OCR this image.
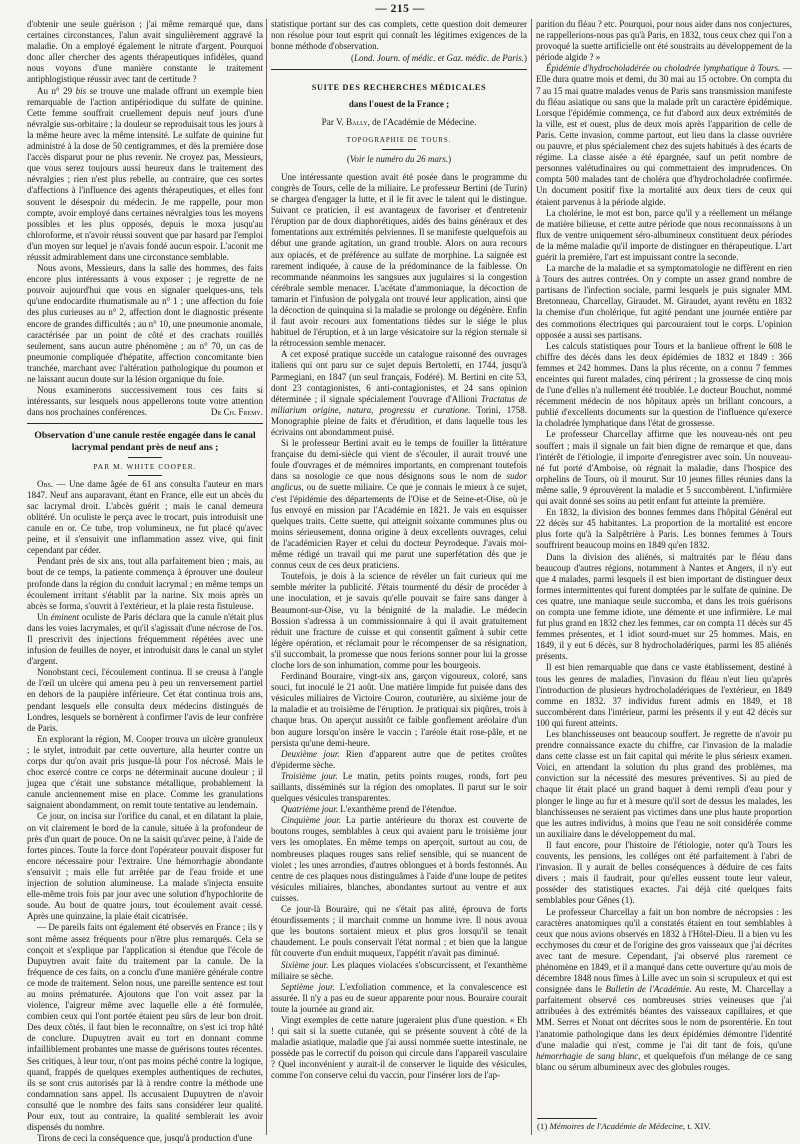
— 215 —
d'obtenir une seule guérison ; j'ai même remarqué que, dans certaines circonstances, l'alun avait singulièrement aggravé la maladie. On a employé également le nitrate d'argent. Pourquoi donc aller chercher des agents thérapeutiques infidèles, quand nous voyons d'une manière constante le traitement antiphlogistique réussir avec tant de certitude ?
Au n° 29 bis se trouve une malade offrant un exemple bien remarquable de l'action antipériodique du sulfate de quinine. Cette femme souffrait cruellement depuis neuf jours d'une névralgie sus-orbitaire ; la douleur se reproduisait tous les jours à la même heure avec la même intensité. Le sulfate de quinine fut administré à la dose de 50 centigrammes, et dès la première dose l'accès disparut pour ne plus revenir. Ne croyez pas, Messieurs, que vous serez toujours aussi heureux dans le traitement des névralgies ; rien n'est plus rebelle, au contraire, que ces sortes d'affections à l'influence des agents thérapeutiques, et elles font souvent le désespoir du médecin. Je me rappelle, pour mon compte, avoir employé dans certaines névralgies tous les moyens possibles et les plus opposés, depuis le moxa jusqu'au chloroforme, et n'avoir réussi souvent que par hasard par l'emploi d'un moyen sur lequel je n'avais fondé aucun espoir. L'aconit me réussit admirablement dans une circonstance semblable.
Nous avons, Messieurs, dans la salle des hommes, des faits encore plus intéressants à vous exposer ; je regrette de ne pouvoir aujourd'hui que vous en signaler quelques-uns, tels qu'une endocardite rhumatismale au n° 1 ; une affection du foie des plus curieuses au n° 2, affection dont le diagnostic présente encore de grandes difficultés ; au n° 10, une pneumonie anomale, caractérisée par un point de côté et des crachats rouillés seulement, sans aucun autre phénomène ; au n° 70, un cas de pneumonie compliquée d'hépatite, affection concomitante bien tranchée, marchant avec l'altération pathologique du poumon et ne laissant aucun doute sur la lésion organique du foie.
Nous examinerons successivement tous ces faits si intéressants, sur lesquels nous appellerons toute votre attention dans nos prochaines conférences.	Dr Ch. Fremy.
Observation d'une canule restée engagée dans le canal lacrymal pendant près de neuf ans ;
PAR M. WHITE COOPER.
Obs. — Une dame âgée de 61 ans consulta l'auteur en mars 1847. Neuf ans auparavant, étant en France, elle eut un abcès du sac lacrymal droit. L'abcès guérit ; mais le canal demeura oblitéré. Un oculiste le perça avec le trocart, puis introduisit une canule en or. Ce tube, trop volumineux, ne fut placé qu'avec peine, et il s'ensuivit une inflammation assez vive, qui finit cependant par céder.
Pendant près de six ans, tout alla parfaitement bien ; mais, au bout de ce temps, la patiente commença à éprouver une douleur profonde dans la région du conduit lacrymal ; en même temps un écoulement irritant s'établit par la narine. Six mois après un abcès se forma, s'ouvrit à l'extérieur, et la plaie resta fistuleuse.
Un éminent oculiste de Paris déclara que la canule n'était plus dans les voies lacrymales, et qu'il s'agissait d'une nécrose de l'os. Il prescrivit des injections fréquemment répétées avec une infusion de feuilles de noyer, et introduisit dans le canal un stylet d'argent.
Nonobstant ceci, l'écoulement continua. Il se creusa à l'angle de l'œil un ulcère qui amena peu à peu un renversement partiel en dehors de la paupière inférieure. Cet état continua trois ans, pendant lesquels elle consulta deux médecins distingués de Londres, lesquels se bornèrent à confirmer l'avis de leur confrère de Paris.
En explorant la région, M. Cooper trouva un ulcère granuleux ; le stylet, introduit par cette ouverture, alla heurter contre un corps dur qu'on avait pris jusque-là pour l'os nécrosé. Mais le choc exercé contre ce corps ne déterminait aucune douleur ; il jugea que c'était une substance métallique, probablement la canule anciennement mise en place. Comme les granulations saignaient abondamment, on remit toute tentative au lendemain.
Ce jour, on incisa sur l'orifice du canal, et en dilatant la plaie, on vit clairement le bord de la canule, située à la profondeur de près d'un quart de pouce. On ne la saisit qu'avec peine, à l'aide de fortes pinces. Toute la force dont l'opérateur pouvait disposer fut encore nécessaire pour l'extraire. Une hémorrhagie abondante s'ensuivit ; mais elle fut arrêtée par de l'eau froide et une injection de solution alumineuse. La malade s'injecta ensuite elle-même trois fois par jour avec une solution d'hypochlorite de soude. Au bout de quatre jours, tout écoulement avait cessé. Après une quinzaine, la plaie était cicatrisée.
— De pareils faits ont également été observés en France ; ils y sont même assez fréquents pour n'être plus remarqués. Cela se conçoit et s'explique par l'application si étendue que l'école de Dupuytren avait faite du traitement par la canule. De la fréquence de ces faits, on a conclu d'une manière générale contre ce mode de traitement. Selon nous, une pareille sentence est tout au moins prématurée. Ajoutons que l'on voit assez par la violence, l'aigreur même avec laquelle elle a été formulée, combien ceux qui l'ont portée étaient peu sûrs de leur bon droit. Des deux côtés, il faut bien le reconnaître, on s'est ici trop hâté de conclure. Dupuytren avait eu tort en donnant comme infailliblement probantes une masse de guérisons toutes récentes. Ses critiques, à leur tour, n'ont pas moins péché contre la logique, quand, frappés de quelques exemples authentiques de rechutes, ils se sont crus autorisés par là à rendre contre la méthode une condamnation sans appel. Ils accusaient Dupuytren de n'avoir consulté que le nombre des faits sans considérer leur qualité. Pour eux, tout au contraire, la qualité semblerait les avoir dispensés du nombre.
Tirons de ceci la conséquence que, jusqu'à production d'une
statistique portant sur des cas complets, cette question doit demeurer non résolue pour tout esprit qui connaît les légitimes exigences de la bonne méthode d'observation.
(Lond. Journ. of médic. et Gaz. médic. de Paris.)
SUITE DES RECHERCHES MÉDICALES
dans l'ouest de la France ;
Par V. Bally, de l'Académie de Médecine.
TOPOGRAPHIE DE TOURS.
(Voir le numéro du 26 mars.)
Une intéressante question avait été posée dans le programme du congrès de Tours, celle de la miliaire. Le professeur Bertini (de Turin) se chargea d'engager la lutte, et il le fit avec le talent qui le distingue. Suivant ce praticien, il est avantageux de favoriser et d'entretenir l'éruption par de doux diaphorétiques, aidés des bains généraux et des fomentations aux extrémités pelviennes. Il se manifeste quelquefois au début une grande agitation, un grand trouble. Alors on aura recours aux opiacés, et de préférence au sulfate de morphine. La saignée est rarement indiquée, à cause de la prédominance de la faiblesse. On recommande néanmoins les sangsues aux jugulaires si la congestion cérébrale semble menacer. L'acétate d'ammoniaque, la décoction de tamarin et l'infusion de polygala ont trouvé leur application, ainsi que la décoction de quinquina si la maladie se prolonge ou dégénère. Enfin il faut avoir recours aux fomentations tièdes sur le siége le plus habituel de l'éruption, et à un large vésicatoire sur la région sternale si la rétrocession semble menacer.
A cet exposé pratique succède un catalogue raisonné des ouvrages italiens qui ont paru sur ce sujet depuis Bertoletti, en 1744, jusqu'à Parmegiani, en 1847 (un seul français, Fodéré). M. Bertini en cite 53, dont 23 contagionistes, 6 anti-contagionistes, et 24 sans opinion déterminée ; il signale spécialement l'ouvrage d'Allioni Tractatus de miliarium origine, natura, progressu et curatione. Torini, 1758. Monographie pleine de faits et d'érudition, et dans laquelle tous les écrivains ont abondamment puisé.
Si le professeur Bertini avait eu le temps de fouiller la littérature française du demi-siècle qui vient de s'écouler, il aurait trouvé une foule d'ouvrages et de mémoires importants, en comprenant toutefois dans sa nosologie ce que nous désignons sous le nom de sudor anglicus, ou de suette miliaire. Ce que je connais le mieux à ce sujet, c'est l'épidémie des départements de l'Oise et de Seine-et-Oise, où je fus envoyé en mission par l'Académie en 1821. Je vais en esquisser quelques traits. Cette suette, qui atteignit soixante communes plus ou moins sérieusement, donna origine à deux excellents ouvrages, celui de l'académicien Rayer et celui du docteur Peyrodeque. J'avais moi-même rédigé un travail qui me parut une superfétation dès que je connus ceux de ces deux praticiens.
Toutefois, je dois à la science de révéler un fait curieux qui me semble mériter la publicité. J'étais tourmenté du désir de procéder à une inoculation, et je savais qu'elle pouvait se faire sans danger à Beaumont-sur-Oise, vu la bénignité de la maladie. Le médecin Bossion s'adressa à un commissionnaire à qui il avait gratuitement réduit une fracture de cuisse et qui consentit gaîment à subir cette légère opération, et réclamait pour le récompenser de sa résignation, s'il succombait, la promesse que nous ferions sonner pour lui la grosse cloche lors de son inhumation, comme pour les bourgeois.
Ferdinand Bouraire, vingt-six ans, garçon vigoureux, coloré, sans souci, fut inoculé le 21 août. Une matière limpide fut puisée dans des vésicules miliaires de Victoire Couron, couturière, au sixième jour de la maladie et au troisième de l'éruption. Je pratiquai six piqûres, trois à chaque bras. On aperçut aussitôt ce faible gonflement aréolaire d'un bon augure lorsqu'on insère le vaccin ; l'aréole était rose-pâle, et ne persista qu'une demi-heure.
Deuxième jour. Rien d'apparent autre que de petites croûtes d'épiderme sèche.
Troisième jour. Le matin, petits points rouges, ronds, fort peu saillants, disséminés sur la région des omoplates. Il parut sur le soir quelques vésicules transparentes.
Quatrième jour. L'exanthème prend de l'étendue.
Cinquième jour. La partie antérieure du thorax est couverte de boutons rouges, semblables à ceux qui avaient paru le troisième jour vers les omoplates. En même temps on aperçoit, surtout au cou, de nombreuses plaques rouges sans relief sensible, qui se nuancent de violet ; les unes arrondies, d'autres oblongues et à bords festonnés. Au centre de ces plaques nous distinguâmes à l'aide d'une loupe de petites vésicules miliaires, blanches, abondantes surtout au ventre et aux cuisses.
Ce jour-là Bouraire, qui ne s'était pas alité, éprouva de forts étourdissements ; il marchait comme un homme ivre. Il nous avoua que les boutons sortaient mieux et plus gros lorsqu'il se tenait chaudement. Le pouls conservait l'état normal ; et bien que la langue fût couverte d'un enduit muqueux, l'appétit n'avait pas diminué.
Sixième jour. Les plaques violacées s'obscurcissent, et l'exanthème miliaire se sèche.
Septième jour. L'exfoliation commence, et la convalescence est assurée. Il n'y a pas eu de sueur apparente pour nous. Bouraire courait toute la journée au grand air.
Vingt exemples de cette nature jugeraient plus d'une question. « Eh ! qui sait si la suette cutanée, qui se présente souvent à côté de la maladie asiatique, maladie que j'ai aussi nommée suette intestinale, ne possède pas le correctif du poison qui circule dans l'appareil vasculaire ? Quel inconvénient y aurait-il de conserver le liquide des vésicules, comme l'on conserve celui du vaccin, pour l'insérer lors de l'ap-
parition du fléau ? etc. Pourquoi, pour nous aider dans nos conjectures, ne rappellerions-nous pas qu'à Paris, en 1832, tous ceux chez qui l'on a provoqué la suette artificielle ont été soustraits au développement de la période algide ? »
Épidémie d'hydrocholadérée ou choladrée lymphatique à Tours. — Elle dura quatre mois et demi, du 30 mai au 15 octobre. On compta du 7 au 15 mai quatre malades venus de Paris sans transmission manifeste du fléau asiatique ou sans que la malade prît un caractère épidémique. Lorsque l'épidémie commença, ce fut d'abord aux deux extrémités de la ville, est et ouest, plus de deux mois après l'apparition de celle de Paris. Cette invasion, comme partout, eut lieu dans la classe ouvrière ou pauvre, et plus spécialement chez des sujets habitués à des écarts de régime. La classe aisée a été épargnée, sauf un petit nombre de personnes valétudinaires ou qui commettaient des imprudences. On compta 500 malades tant de choléra que d'hydrocholadrée confirmée. Un document positif fixe la mortalité aux deux tiers de ceux qui étaient parvenus à la période algide.
La cholérine, le mot est bon, parce qu'il y a réellement un mélange de matière bilieuse, et cette autre période que nous reconnaissons à un flux de ventre uniquement séro-albumineux constituent deux périodes de la même maladie qu'il importe de distinguer en thérapeutique. L'art guérit la première, l'art est impuissant contre la seconde.
La marche de la maladie et sa symptomatologie ne diffèrent en rien à Tours des autres contrées. On y compte un assez grand nombre de partisans de l'infection sociale, parmi lesquels je puis signaler MM. Bretonneau, Charcellay, Giraudet. M. Giraudet, ayant revêtu en 1832 la chemise d'un cholérique, fut agité pendant une journée entière par des commotions électriques qui parcouraient tout le corps. L'opinion opposée a aussi ses partisans.
Les calculs statistiques pour Tours et la banlieue offrent le 608 le chiffre des décès dans les deux épidémies de 1832 et 1849 : 366 femmes et 242 hommes. Dans la plus récente, on a connu 7 femmes enceintes qui furent malades, cinq périrent ; la grossesse de cinq mois de l'une d'elles n'a nullement été troublée. Le docteur Bouchut, nommé récemment médecin de nos hôpitaux après un brillant concours, a publié d'excellents documents sur la question de l'influence qu'exerce la choladrée lymphatique dans l'état de grossesse.
Le professeur Charcellay affirme que les nouveau-nés ont peu souffert ; mais il signale un fait bien digne de remarque et que, dans l'intérêt de l'étiologie, il importe d'enregistrer avec soin. Un nouveau-né fut porté d'Amboise, où régnait la maladie, dans l'hospice des orphelins de Tours, où il mourut. Sur 10 jeunes filles réunies dans la même salle, 9 éprouvèrent la maladie et 5 succombèrent. L'infirmière qui avait donné ses soins au petit enfant fut atteinte la première.
En 1832, la division des bonnes femmes dans l'hôpital Général eut 22 décès sur 45 habitantes. La proportion de la mortalité est encore plus forte qu'à la Salpêtrière à Paris. Les bonnes femmes à Tours souffrirent beaucoup moins en 1849 qu'en 1832.
Dans la division des aliénés, si maltraités par le fléau dans beaucoup d'autres régions, notamment à Nantes et Angers, il n'y eut que 4 malades, parmi lesquels il est bien important de distinguer deux formes intermittentes qui furent domptées par le sulfate de quinine. De ces quatre, une maniaque seule succomba, et dans les trois guérisons on compta une femme idiote, une démente et une infirmière. Le mal fut plus grand en 1832 chez les femmes, car on compta 11 décès sur 45 femmes présentes, et 1 idiot sourd-muet sur 25 hommes. Mais, en 1849, il y eut 6 décès, sur 8 hydrocholadériques, parmi les 85 aliénés présents.
Il est bien remarquable que dans ce vaste établissement, destiné à tous les genres de maladies, l'invasion du fléau n'eut lieu qu'après l'introduction de plusieurs hydrocholadériques de l'extérieur, en 1849 comme en 1832. 37 individus furent admis en 1849, et 18 succombèrent dans l'intérieur, parmi les présents il y eut 42 décès sur 100 qui furent atteints.
Les blanchisseuses ont beaucoup souffert. Je regrette de n'avoir pu prendre connaissance exacte du chiffre, car l'invasion de la maladie dans cette classe est un fait capital qui mérite le plus sérieux examen. Voici, en attendant la solution du plus grand des problèmes, ma conviction sur la nécessité des mesures préventives. Si au pied de chaque lit était placé un grand baquet à demi rempli d'eau pour y plonger le linge au fur et à mesure qu'il sort de dessus les malades, les blanchisseuses ne seraient pas victimes dans une plus haute proportion que les autres individus, à moins que l'eau ne soit considérée comme un auxiliaire dans le développement du mal.
Il faut encore, pour l'histoire de l'étiologie, noter qu'à Tours les couvents, les pensions, les colléges ont été parfaitement à l'abri de l'invasion. Il y aurait de belles conséquences à déduire de ces faits divers ; mais il faudrait, pour qu'elles eussent toute leur valeur, posséder des statistiques exactes. J'ai déjà cité quelques faits semblables pour Gênes (1).
Le professeur Charcellay a fait un bon nombre de nécropsies : les caractères anatomiques qu'il a constatés étaient en tout semblables à ceux que nous avions observés en 1832 à l'Hôtel-Dieu. Il a bien vu les ecchymoses du cœur et de l'origine des gros vaisseaux que j'ai décrites avec tant de mesure. Cependant, j'ai observé plus rarement ce phénomène en 1849, et il a manqué dans cette ouverture qu'au mois de décembre 1848 nous fîmes à Lille avec un soin si scrupuleux et qui est consignée dans le Bulletin de l'Académie. Au reste, M. Charcellay a parfaitement observé ces nombreuses stries veineuses que j'ai attribuées à des extrémités béantes des vaisseaux capillaires, et que MM. Serres et Nonat ont décrites sous le nom de psorentérie. En tout l'anatomie pathologique dans les deux épidémies démontre l'identité d'une maladie qui n'est, comme je l'ai dit tant de fois, qu'une hémorrhagie de sang blanc, et quelquefois d'un mélange de ce sang blanc ou sérum albumineux avec des globules rouges.
(1) Mémoires de l'Académie de Médecine, t. XIV.
